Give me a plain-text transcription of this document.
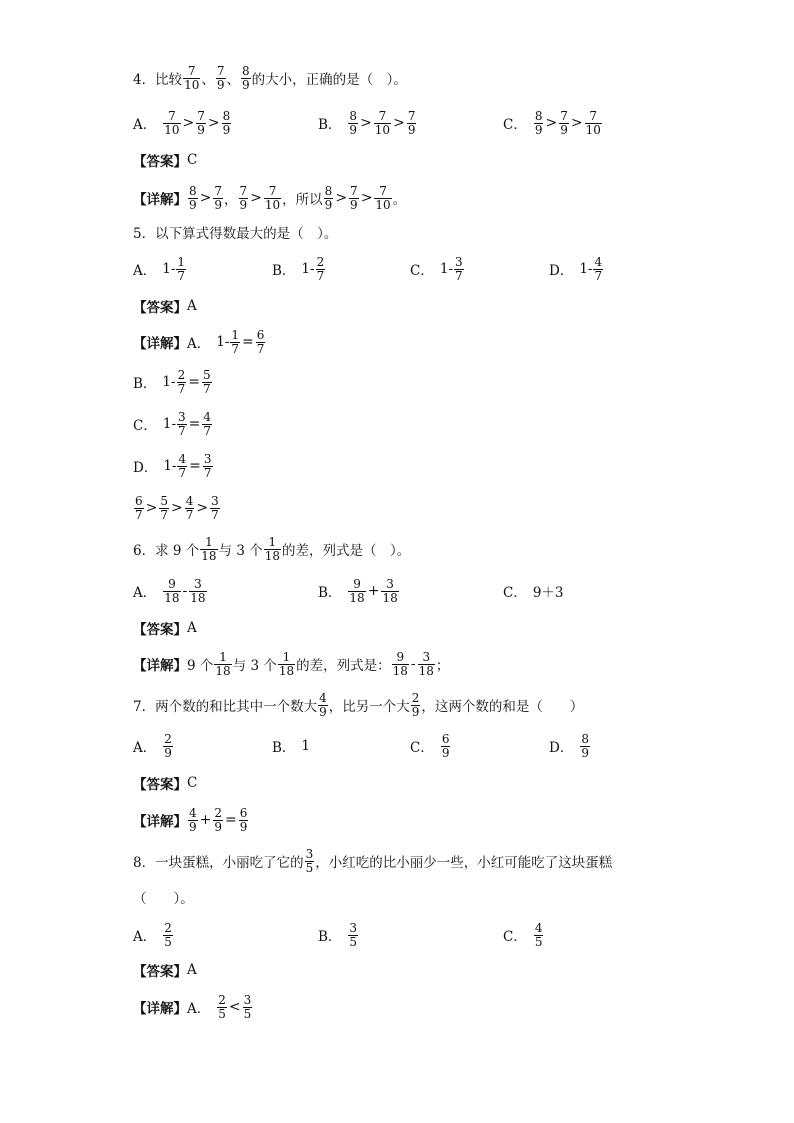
4． 比较 $\frac{7}{10}$ 、 $\frac{7}{9}$ 、 $\frac{8}{9}$ 的大小，正确的是（　）。
A． $\frac{7}{10} > \frac{7}{9} > \frac{8}{9}$	B． $\frac{8}{9} > \frac{7}{10} > \frac{7}{9}$	C． $\frac{8}{9} > \frac{7}{9} > \frac{7}{10}$
【答案】 C
【详解】 $\frac{8}{9} > \frac{7}{9}$ ， $\frac{7}{9} > \frac{7}{10}$ ，所以 $\frac{8}{9} > \frac{7}{9} > \frac{7}{10}$ 。
5．以下算式得数最大的是（　）。
A． $1 - \frac{1}{7}$	B． $1 - \frac{2}{7}$	C． $1 - \frac{3}{7}$	D． $1 - \frac{4}{7}$
【答案】 A
【详解】 A． $1 - \frac{1}{7} = \frac{6}{7}$
B． $1 - \frac{2}{7} = \frac{5}{7}$
C． $1 - \frac{3}{7} = \frac{4}{7}$
D． $1 - \frac{4}{7} = \frac{3}{7}$
$\frac{6}{7} > \frac{5}{7} > \frac{4}{7} > \frac{3}{7}$
6．求 9 个 $\frac{1}{18}$ 与 3 个 $\frac{1}{18}$ 的差，列式是（　）。
A． $\frac{9}{18} - \frac{3}{18}$	B． $\frac{9}{18} + \frac{3}{18}$	C． 9＋3
【答案】 A
【详解】 9 个 $\frac{1}{18}$ 与 3 个 $\frac{1}{18}$ 的差，列式是： $\frac{9}{18} - \frac{3}{18}$ ；
7．两个数的和比其中一个数大 $\frac{4}{9}$ ，比另一个大 $\frac{2}{9}$ ，这两个数的和是（　　）
A． $\frac{2}{9}$	B． 1	C． $\frac{6}{9}$	D． $\frac{8}{9}$
【答案】 C
【详解】 $\frac{4}{9} + \frac{2}{9} = \frac{6}{9}$
8．一块蛋糕，小丽吃了它的 $\frac{3}{5}$ ，小红吃的比小丽少一些，小红可能吃了这块蛋糕
（　　）。
A． $\frac{2}{5}$	B． $\frac{3}{5}$	C． $\frac{4}{5}$
【答案】 A
【详解】 A． $\frac{2}{5} < \frac{3}{5}$
